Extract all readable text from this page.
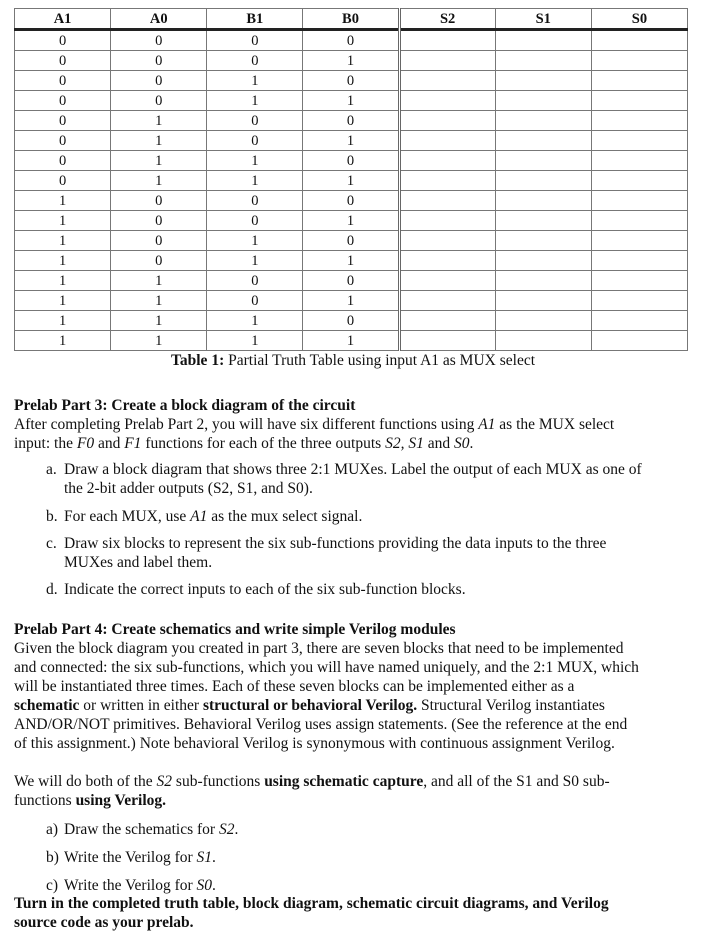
A1	A0	B1	B0	S2	S1	S0
0	0	0	0			
0	0	0	1			
0	0	1	0			
0	0	1	1			
0	1	0	0			
0	1	0	1			
0	1	1	0			
0	1	1	1			
1	0	0	0			
1	0	0	1			
1	0	1	0			
1	0	1	1			
1	1	0	0			
1	1	0	1			
1	1	1	0			
1	1	1	1			
Table 1: Partial Truth Table using input A1 as MUX select
Prelab Part 3: Create a block diagram of the circuit
After completing Prelab Part 2, you will have six different functions using A1 as the MUX select
input: the F0 and F1 functions for each of the three outputs S2, S1 and S0.
a. Draw a block diagram that shows three 2:1 MUXes. Label the output of each MUX as one of
the 2-bit adder outputs (S2, S1, and S0).
b. For each MUX, use A1 as the mux select signal.
c. Draw six blocks to represent the six sub-functions providing the data inputs to the three
MUXes and label them.
d. Indicate the correct inputs to each of the six sub-function blocks.
Prelab Part 4: Create schematics and write simple Verilog modules
Given the block diagram you created in part 3, there are seven blocks that need to be implemented
and connected: the six sub-functions, which you will have named uniquely, and the 2:1 MUX, which
will be instantiated three times. Each of these seven blocks can be implemented either as a
schematic or written in either structural or behavioral Verilog. Structural Verilog instantiates
AND/OR/NOT primitives. Behavioral Verilog uses assign statements. (See the reference at the end
of this assignment.) Note behavioral Verilog is synonymous with continuous assignment Verilog.
We will do both of the S2 sub-functions using schematic capture, and all of the S1 and S0 sub-
functions using Verilog.
a) Draw the schematics for S2.
b) Write the Verilog for S1.
c) Write the Verilog for S0.
Turn in the completed truth table, block diagram, schematic circuit diagrams, and Verilog
source code as your prelab.
